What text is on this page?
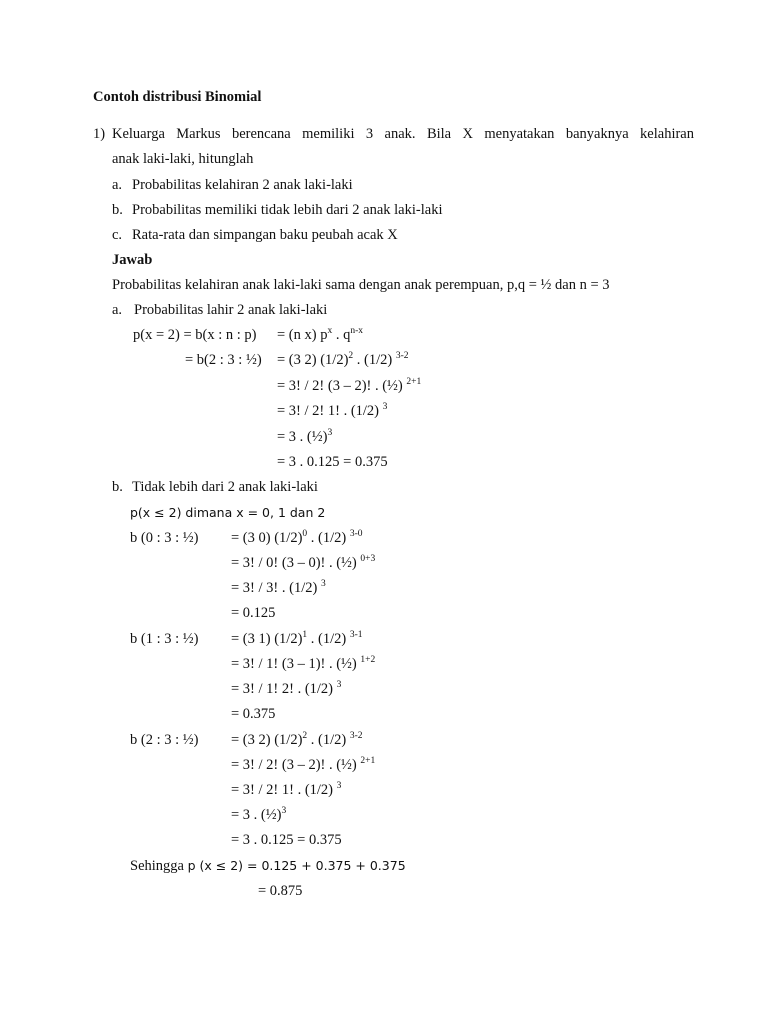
Contoh distribusi Binomial
1) Keluarga Markus berencana memiliki 3 anak. Bila X menyatakan banyaknya kelahiran
anak laki-laki, hitunglah
a. Probabilitas kelahiran 2 anak laki-laki
b. Probabilitas memiliki tidak lebih dari 2 anak laki-laki
c. Rata-rata dan simpangan baku peubah acak X
Jawab
Probabilitas kelahiran anak laki-laki sama dengan anak perempuan, p,q = ½ dan n = 3
a. Probabilitas lahir 2 anak laki-laki
p(x = 2) = b(x : n : p) = (n x) $p^x$ . $q^{n-x}$
= b(2 : 3 : ½) = (3 2) $(1/2)^2$ . (1/2) $^{3-2}$
= 3! / 2! (3 – 2)! . (½) $^{2+1}$
= 3! / 2! 1! . (1/2) $^3$
= 3 . (½)$^3$
= 3 . 0.125 = 0.375
b. Tidak lebih dari 2 anak laki-laki
p(x ≤ 2) dimana x = 0, 1 dan 2
b (0 : 3 : ½) = (3 0) $(1/2)^0$ . (1/2) $^{3-0}$
= 3! / 0! (3 – 0)! . (½) $^{0+3}$
= 3! / 3! . (1/2) $^3$
= 0.125
b (1 : 3 : ½) = (3 1) $(1/2)^1$ . (1/2) $^{3-1}$
= 3! / 1! (3 – 1)! . (½) $^{1+2}$
= 3! / 1! 2! . (1/2) $^3$
= 0.375
b (2 : 3 : ½) = (3 2) $(1/2)^2$ . (1/2) $^{3-2}$
= 3! / 2! (3 – 2)! . (½) $^{2+1}$
= 3! / 2! 1! . (1/2) $^3$
= 3 . (½)$^3$
= 3 . 0.125 = 0.375
Sehingga p (x ≤ 2) = 0.125 + 0.375 + 0.375
= 0.875
